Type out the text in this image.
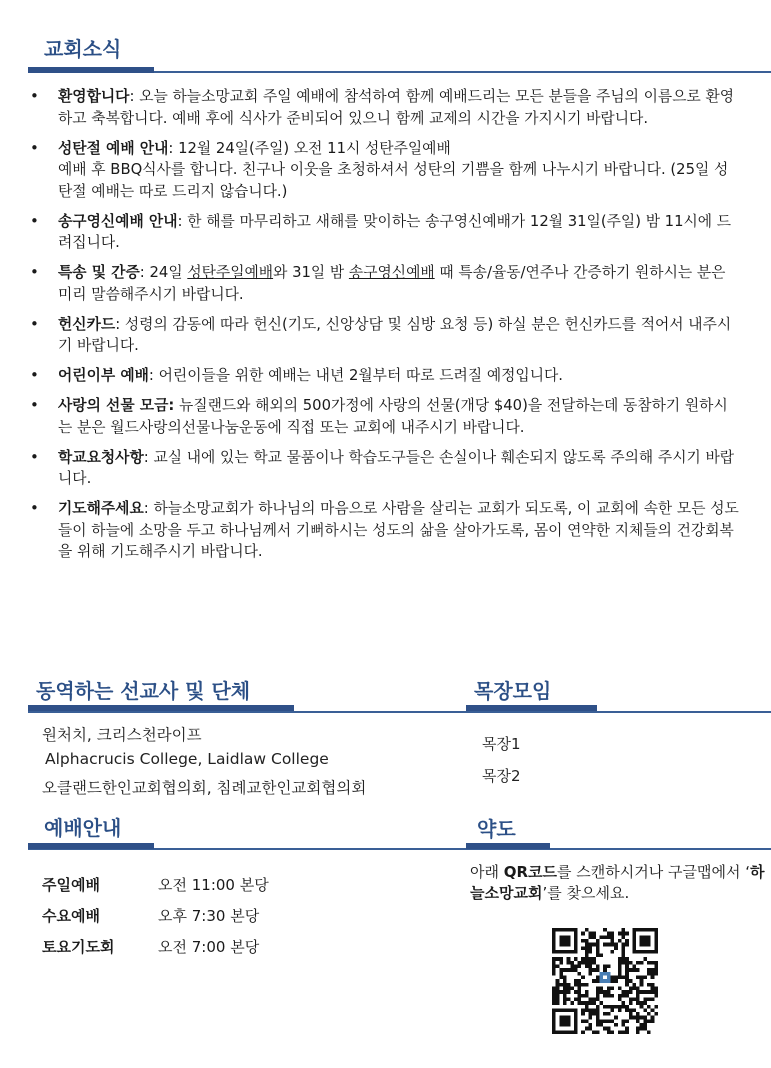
교회소식
• 환영합니다: 오늘 하늘소망교회 주일 예배에 참석하여 함께 예배드리는 모든 분들을 주님의 이름으로 환영하고 축복합니다. 예배 후에 식사가 준비되어 있으니 함께 교제의 시간을 가지시기 바랍니다.
• 성탄절 예배 안내: 12월 24일(주일) 오전 11시 성탄주일예배
예배 후 BBQ식사를 합니다. 친구나 이웃을 초청하셔서 성탄의 기쁨을 함께 나누시기 바랍니다. (25일 성탄절 예배는 따로 드리지 않습니다.)
• 송구영신예배 안내: 한 해를 마무리하고 새해를 맞이하는 송구영신예배가 12월 31일(주일) 밤 11시에 드려집니다.
• 특송 및 간증: 24일 성탄주일예배와 31일 밤 송구영신예배 때 특송/율동/연주나 간증하기 원하시는 분은 미리 말씀해주시기 바랍니다.
• 헌신카드: 성령의 감동에 따라 헌신(기도, 신앙상담 및 심방 요청 등) 하실 분은 헌신카드를 적어서 내주시기 바랍니다.
• 어린이부 예배: 어린이들을 위한 예배는 내년 2월부터 따로 드려질 예정입니다.
• 사랑의 선물 모금: 뉴질랜드와 해외의 500가정에 사랑의 선물(개당 $40)을 전달하는데 동참하기 원하시는 분은 월드사랑의선물나눔운동에 직접 또는 교회에 내주시기 바랍니다.
• 학교요청사항: 교실 내에 있는 학교 물품이나 학습도구들은 손실이나 훼손되지 않도록 주의해 주시기 바랍니다.
• 기도해주세요: 하늘소망교회가 하나님의 마음으로 사람을 살리는 교회가 되도록, 이 교회에 속한 모든 성도들이 하늘에 소망을 두고 하나님께서 기뻐하시는 성도의 삶을 살아가도록, 몸이 연약한 지체들의 건강회복을 위해 기도해주시기 바랍니다.
동역하는 선교사 및 단체	목장모임
원처치, 크리스천라이프
Alphacrucis College, Laidlaw College
오클랜드한인교회협의회, 침례교한인교회협의회
목장1
목장2
예배안내	약도
주일예배	오전 11:00 본당
수요예배	오후 7:30 본당
토요기도회	오전 7:00 본당
아래 QR코드를 스캔하시거나 구글맵에서 ‘하늘소망교회’를 찾으세요.
